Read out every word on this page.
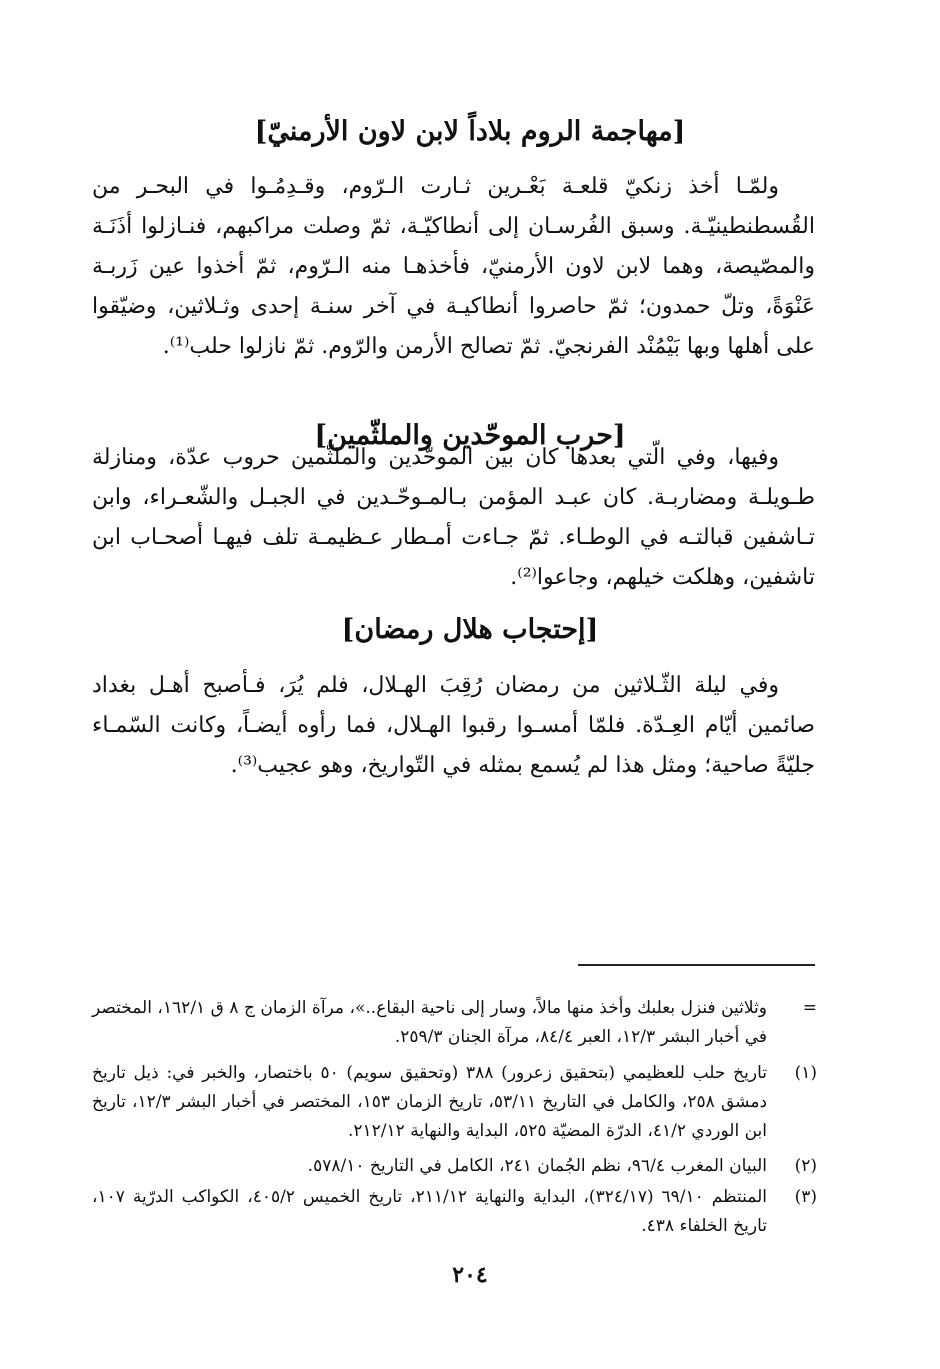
[مهاجمة الروم بلاداً لابن لاون الأرمنيّ]

ولمّـا أخذ زنكيّ قلعـة بَعْـرين ثـارت الـرّوم، وقـدِمُـوا في البحـر من القُسطنطينيّـة. وسبق الفُرسـان إلى أنطاكيّـة، ثمّ وصلت مراكبهم، فنـازلوا أذَنَـة والمصّيصة، وهما لابن لاون الأرمنيّ، فأخذهـا منه الـرّوم، ثمّ أخذوا عين زَربـة عَنْوَةً، وتلّ حمدون؛ ثمّ حاصروا أنطاكيـة في آخر سنـة إحدى وثـلاثين، وضيّقوا على أهلها وبها بَيْمُنْد الفرنجيّ. ثمّ تصالح الأرمن والرّوم. ثمّ نازلوا حلب⁽¹⁾.

[حرب الموحّدين والملثّمين]

وفيها، وفي الّتي بعدها كان بين الموحّدين والملثّمين حروب عدّة، ومنازلة طـويلـة ومضاربـة. كان عبـد المؤمن بـالمـوحّـدين في الجبـل والشّعـراء، وابن تـاشفين قبالتـه في الوطـاء. ثمّ جـاءت أمـطار عـظيمـة تلف فيهـا أصحـاب ابن تاشفين، وهلكت خيلهم، وجاعوا⁽²⁾.

[إحتجاب هلال رمضان]

وفي ليلة الثّـلاثين من رمضان رُقِبَ الهـلال، فلم يُرَ، فـأصبح أهـل بغداد صائمين أيّام العِـدّة. فلمّا أمسـوا رقبوا الهـلال، فما رأوه أيضـاً، وكانت السّمـاء جليّةً صاحية؛ ومثل هذا لم يُسمع بمثله في التّواريخ، وهو عجيب⁽³⁾.

=
وثلاثين فنزل بعلبك وأخذ منها مالاً، وسار إلى ناحية البقاع..»، مرآة الزمان ج ٨ ق ١٦٢/١، المختصر في أخبار البشر ١٢/٣، العبر ٨٤/٤، مرآة الجنان ٢٥٩/٣.
(١)
تاريخ حلب للعظيمي (بتحقيق زعرور) ٣٨٨ (وتحقيق سويم) ٥٠ باختصار، والخبر في: ذيل تاريخ دمشق ٢٥٨، والكامل في التاريخ ٥٣/١١، تاريخ الزمان ١٥٣، المختصر في أخبار البشر ١٢/٣، تاريخ ابن الوردي ٤١/٢، الدرّة المضيّة ٥٢٥، البداية والنهاية ٢١٢/١٢.
(٢)
البيان المغرب ٩٦/٤، نظم الجُمان ٢٤١، الكامل في التاريخ ٥٧٨/١٠.
(٣)
المنتظم ٦٩/١٠ (٣٢٤/١٧)، البداية والنهاية ٢١١/١٢، تاريخ الخميس ٤٠٥/٢، الكواكب الدرّية ١٠٧، تاريخ الخلفاء ٤٣٨.
٢٠٤
